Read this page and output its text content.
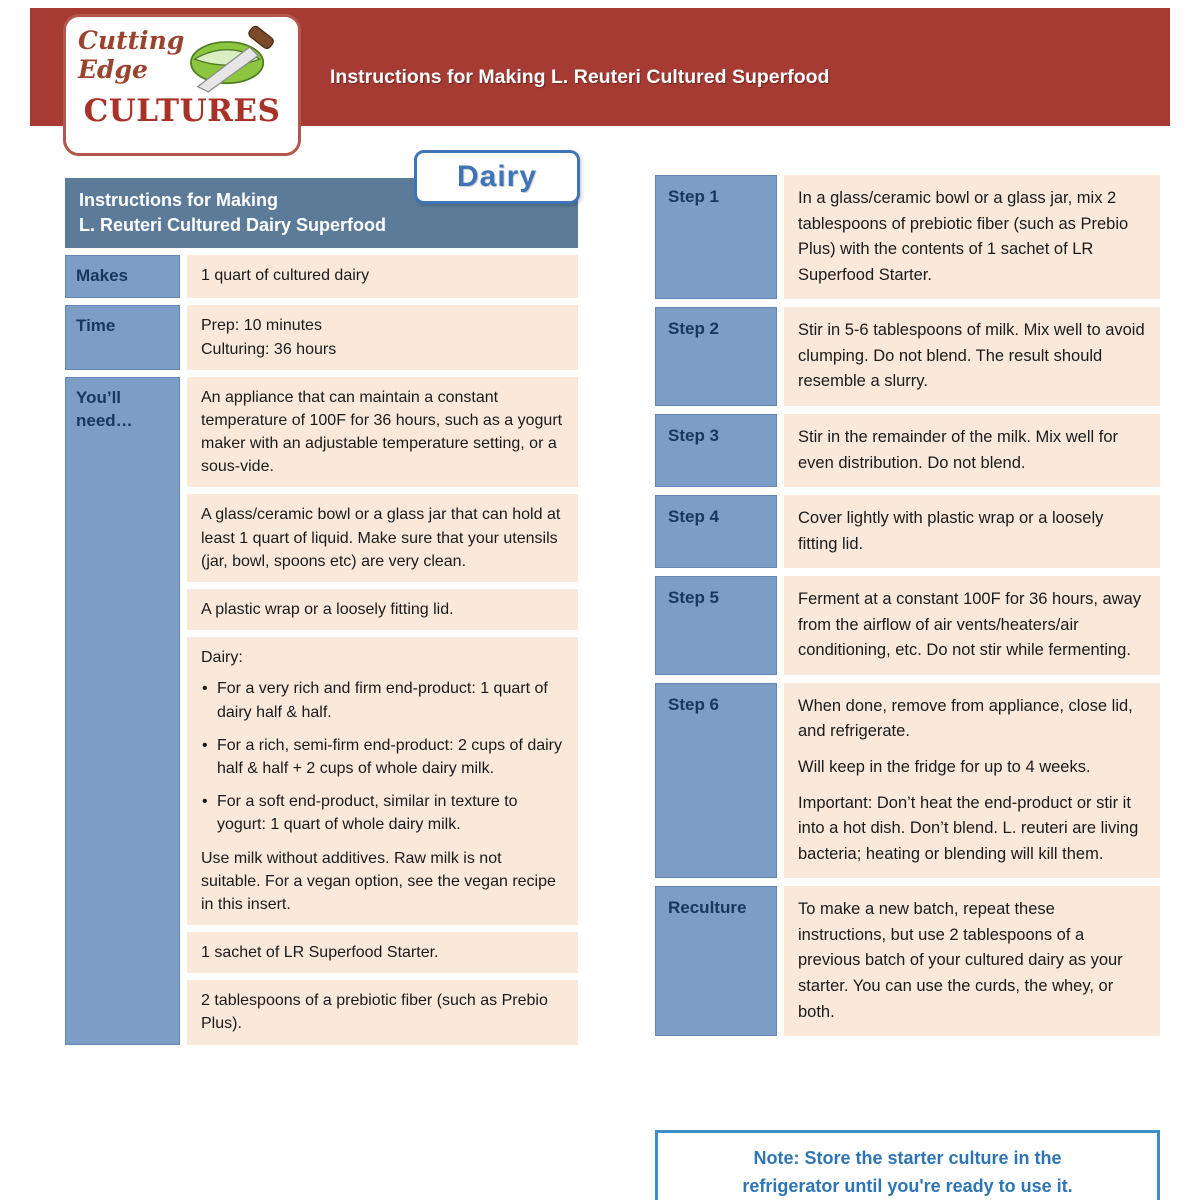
Instructions for Making L. Reuteri Cultured Superfood
Cutting
Edge
CULTURES
Dairy
Instructions for Making
L. Reuteri Cultured Dairy Superfood
Makes	1 quart of cultured dairy
Time	Prep: 10 minutes
Culturing: 36 hours
You’ll need…
An appliance that can maintain a constant temperature of 100F for 36 hours, such as a yogurt maker with an adjustable temperature setting, or a sous-vide.
A glass/ceramic bowl or a glass jar that can hold at least 1 quart of liquid. Make sure that your utensils (jar, bowl, spoons etc) are very clean.
A plastic wrap or a loosely fitting lid.

Dairy:

• For a very rich and firm end-product: 1 quart of dairy half & half.
• For a rich, semi-firm end-product: 2 cups of dairy half & half + 2 cups of whole dairy milk.
• For a soft end-product, similar in texture to yogurt: 1 quart of whole dairy milk.

Use milk without additives. Raw milk is not suitable. For a vegan option, see the vegan recipe in this insert.

1 sachet of LR Superfood Starter.
2 tablespoons of a prebiotic fiber (such as Prebio Plus).
Step 1	In a glass/ceramic bowl or a glass jar, mix 2 tablespoons of prebiotic fiber (such as Prebio Plus) with the contents of 1 sachet of LR Superfood Starter.
Step 2	Stir in 5-6 tablespoons of milk. Mix well to avoid clumping. Do not blend. The result should resemble a slurry.
Step 3	Stir in the remainder of the milk. Mix well for even distribution. Do not blend.
Step 4	Cover lightly with plastic wrap or a loosely fitting lid.
Step 5	Ferment at a constant 100F for 36 hours, away from the airflow of air vents/heaters/air conditioning, etc. Do not stir while fermenting.
Step 6	When done, remove from appliance, close lid, and refrigerate.

Will keep in the fridge for up to 4 weeks.

Important: Don’t heat the end-product or stir it into a hot dish. Don’t blend. L. reuteri are living bacteria; heating or blending will kill them.

Reculture	To make a new batch, repeat these instructions, but use 2 tablespoons of a previous batch of your cultured dairy as your starter. You can use the curds, the whey, or both.
Note: Store the starter culture in the refrigerator until you're ready to use it.
